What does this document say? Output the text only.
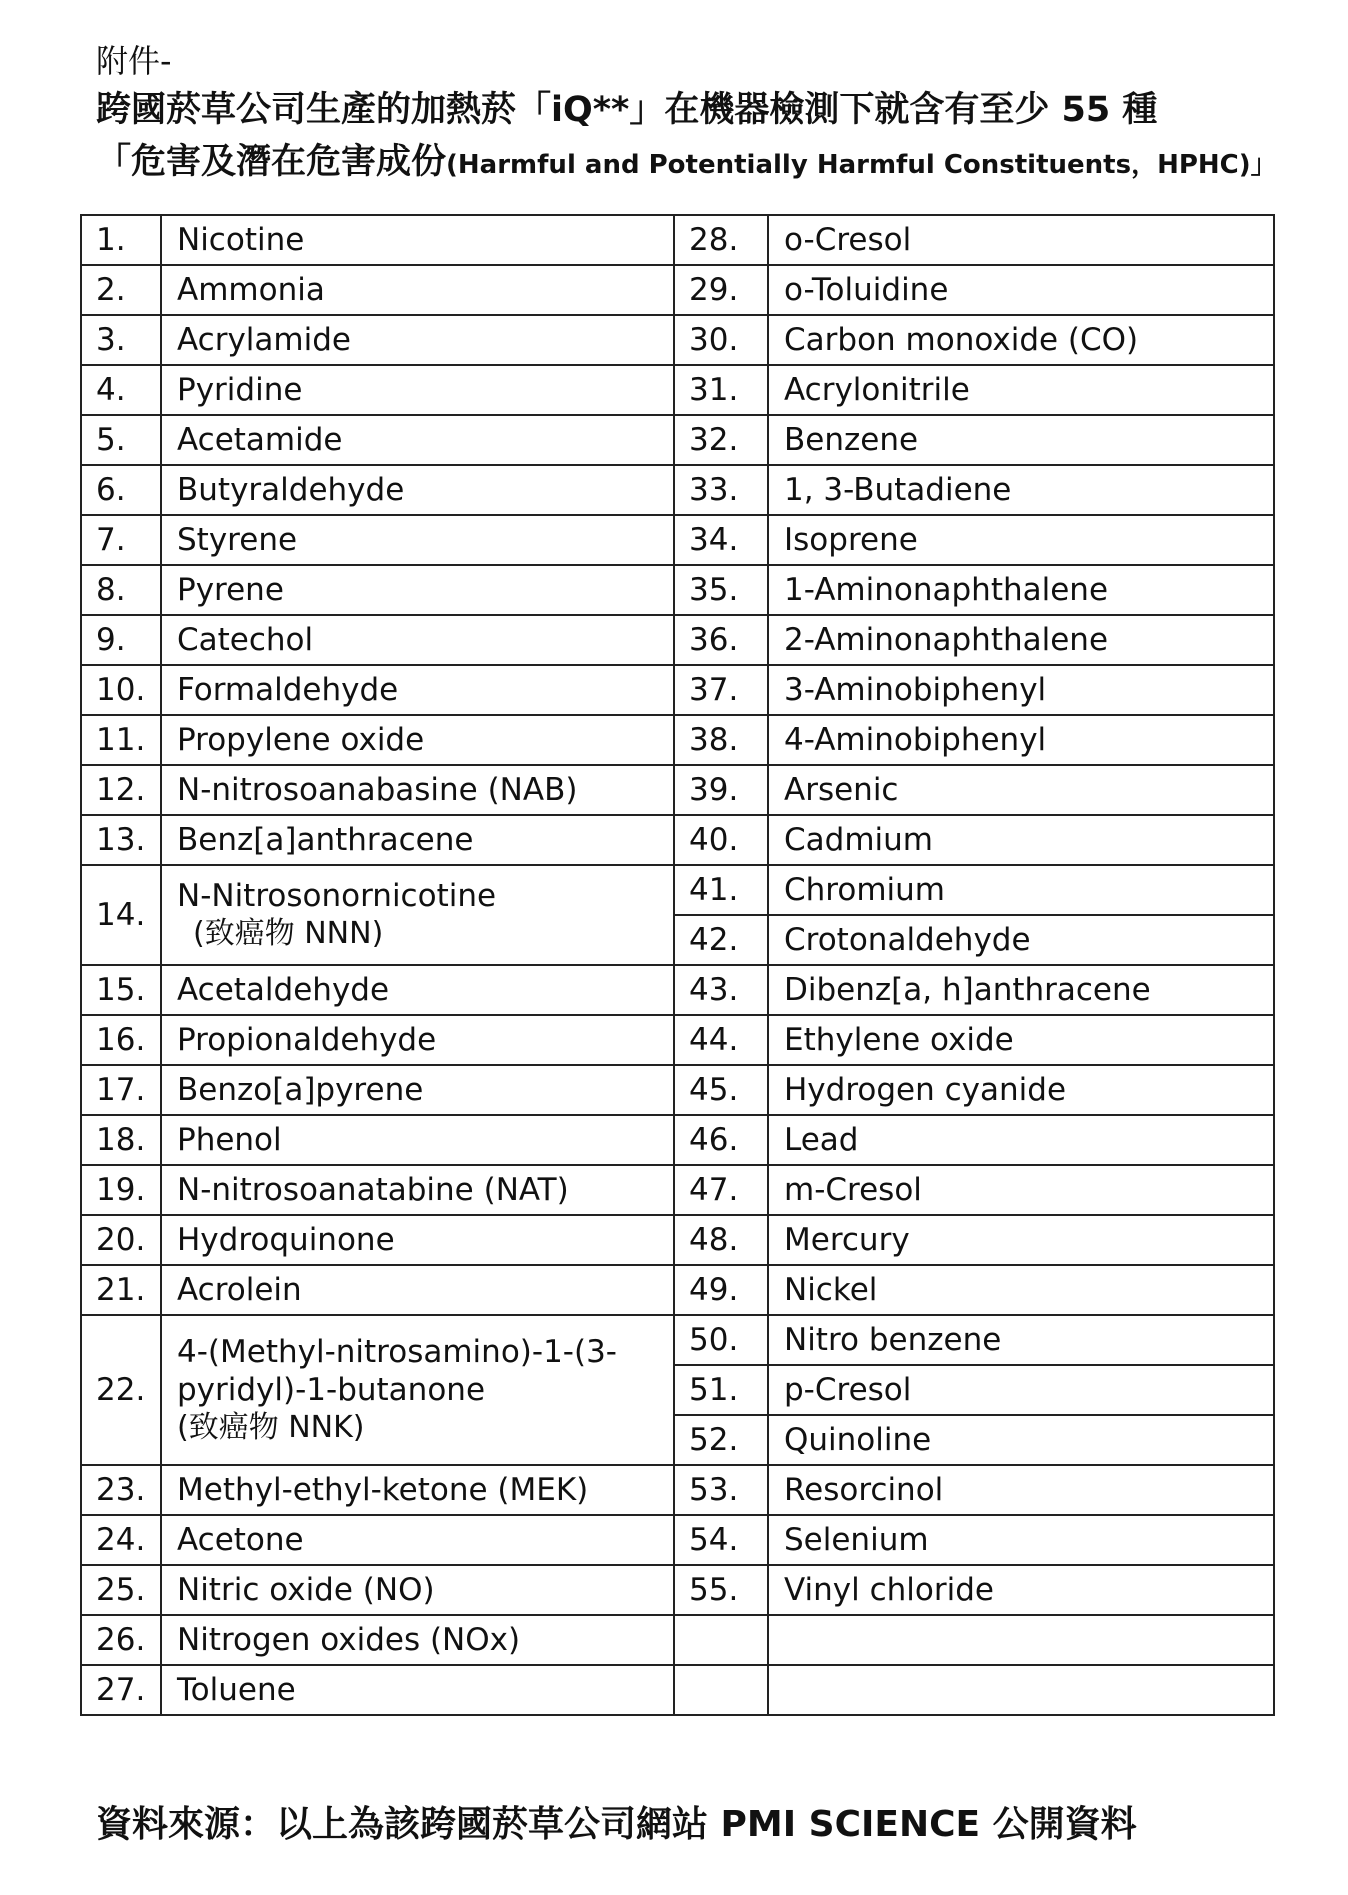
附件-
跨國菸草公司生產的加熱菸「iQ**」在機器檢測下就含有至少 55 種
「危害及潛在危害成份(Harmful and Potentially Harmful Constituents，HPHC)」
1.	Nicotine	28.	o-Cresol
2.	Ammonia	29.	o-Toluidine
3.	Acrylamide	30.	Carbon monoxide (CO)
4.	Pyridine	31.	Acrylonitrile
5.	Acetamide	32.	Benzene
6.	Butyraldehyde	33.	1, 3-Butadiene
7.	Styrene	34.	Isoprene
8.	Pyrene	35.	1-Aminonaphthalene
9.	Catechol	36.	2-Aminonaphthalene
10.	Formaldehyde	37.	3-Aminobiphenyl
11.	Propylene oxide	38.	4-Aminobiphenyl
12.	N-nitrosoanabasine (NAB)	39.	Arsenic
13.	Benz[a]anthracene	40.	Cadmium
14.	N-Nitrosonornicotine
(致癌物 NNN)	41.	Chromium
		42.	Crotonaldehyde
15.	Acetaldehyde	43.	Dibenz[a, h]anthracene
16.	Propionaldehyde	44.	Ethylene oxide
17.	Benzo[a]pyrene	45.	Hydrogen cyanide
18.	Phenol	46.	Lead
19.	N-nitrosoanatabine (NAT)	47.	m-Cresol
20.	Hydroquinone	48.	Mercury
21.	Acrolein	49.	Nickel
22.	4-(Methyl-nitrosamino)-1-(3-
pyridyl)-1-butanone
(致癌物 NNK)	50.	Nitro benzene
		51.	p-Cresol
		52.	Quinoline
23.	Methyl-ethyl-ketone (MEK)	53.	Resorcinol
24.	Acetone	54.	Selenium
25.	Nitric oxide (NO)	55.	Vinyl chloride
26.	Nitrogen oxides (NOx)		
27.	Toluene		
資料來源：以上為該跨國菸草公司網站 PMI SCIENCE 公開資料
